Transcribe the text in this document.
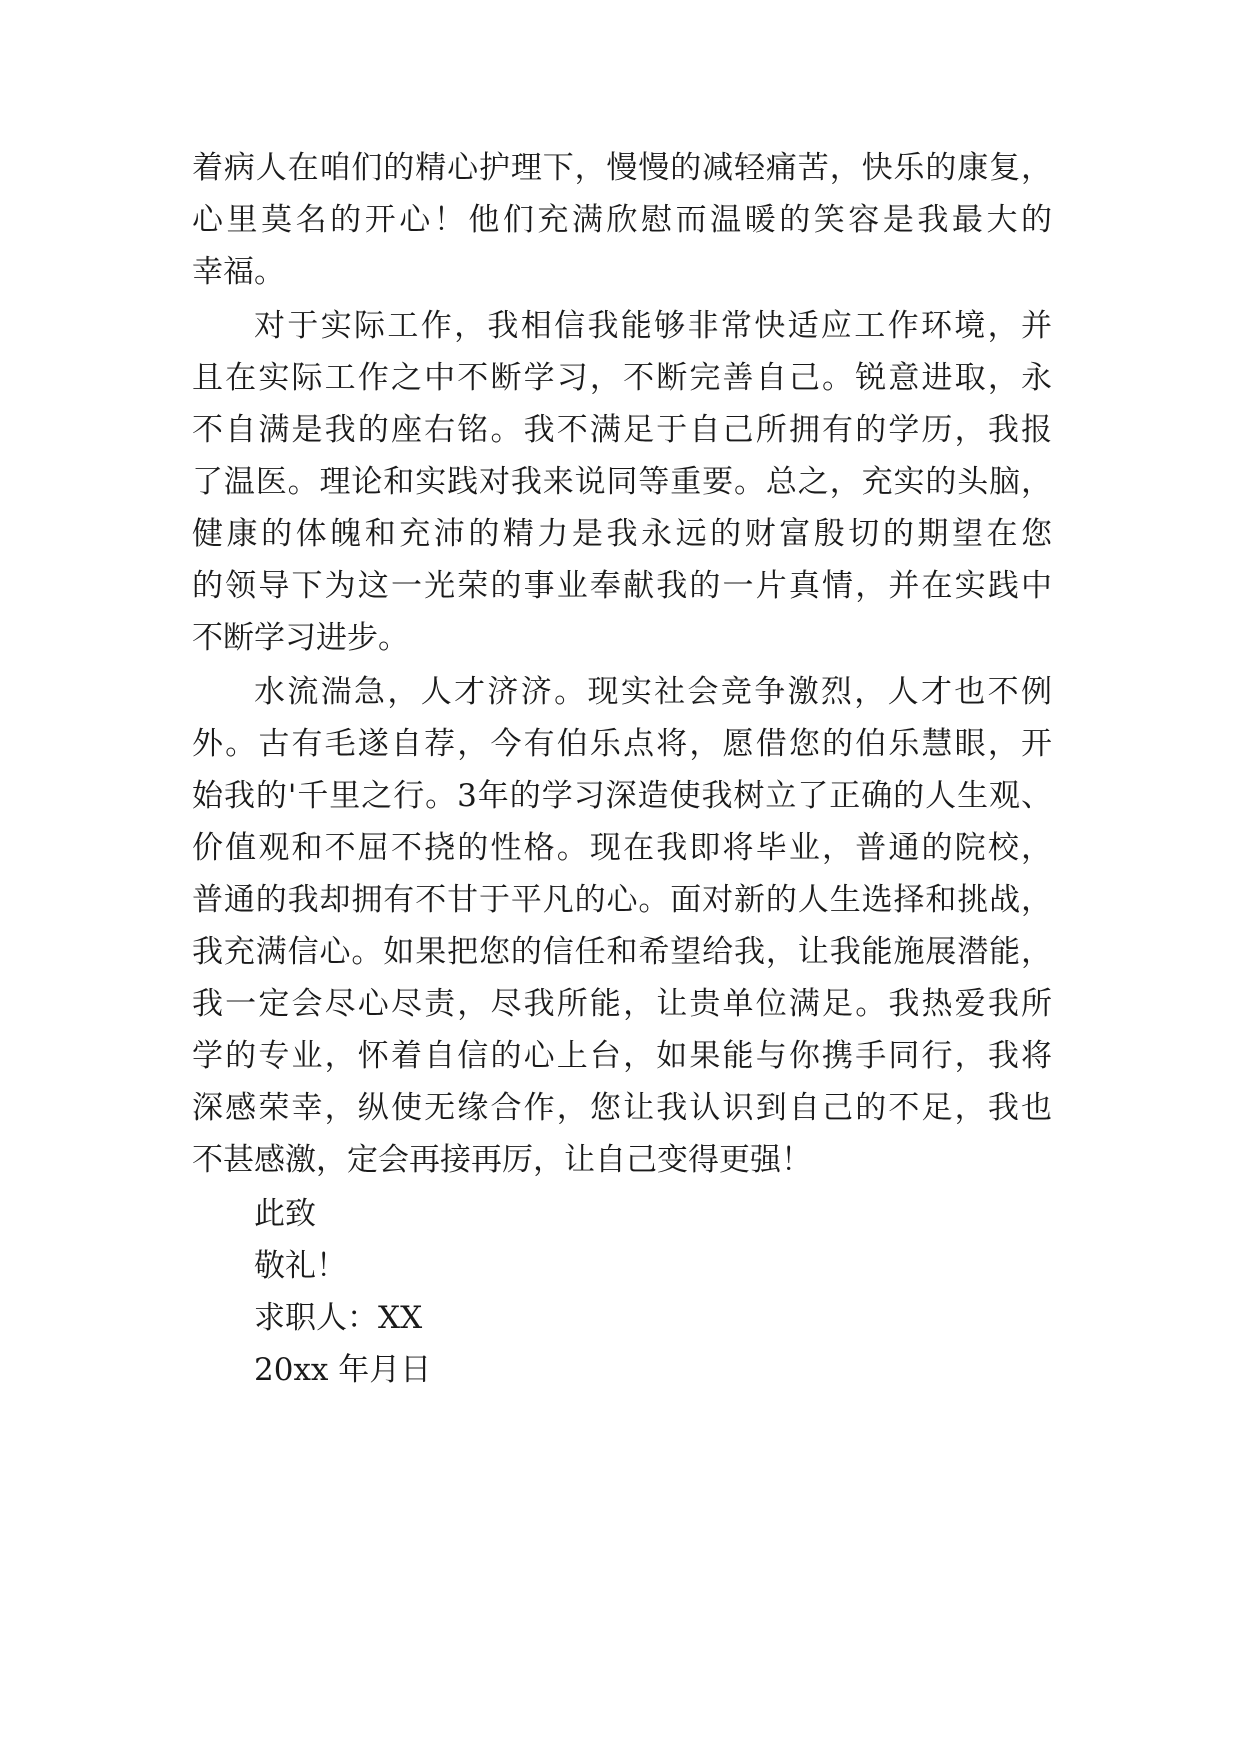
着病人在咱们的精心护理下，慢慢的减轻痛苦，快乐的康复，
心里莫名的开心！他们充满欣慰而温暖的笑容是我最大的
幸福。
对于实际工作，我相信我能够非常快适应工作环境，并
且在实际工作之中不断学习，不断完善自己。锐意进取，永
不自满是我的座右铭。我不满足于自己所拥有的学历，我报
了温医。理论和实践对我来说同等重要。总之，充实的头脑，
健康的体魄和充沛的精力是我永远的财富殷切的期望在您
的领导下为这一光荣的事业奉献我的一片真情，并在实践中
不断学习进步。
水流湍急，人才济济。现实社会竞争激烈，人才也不例
外。古有毛遂自荐，今有伯乐点将，愿借您的伯乐慧眼，开
始我的'千里之行。3年的学习深造使我树立了正确的人生观、
价值观和不屈不挠的性格。现在我即将毕业，普通的院校，
普通的我却拥有不甘于平凡的心。面对新的人生选择和挑战，
我充满信心。如果把您的信任和希望给我，让我能施展潜能，
我一定会尽心尽责，尽我所能，让贵单位满足。我热爱我所
学的专业，怀着自信的心上台，如果能与你携手同行，我将
深感荣幸，纵使无缘合作，您让我认识到自己的不足，我也
不甚感激，定会再接再厉，让自己变得更强！
此致
敬礼！
求职人：XX
20xx 年月日
